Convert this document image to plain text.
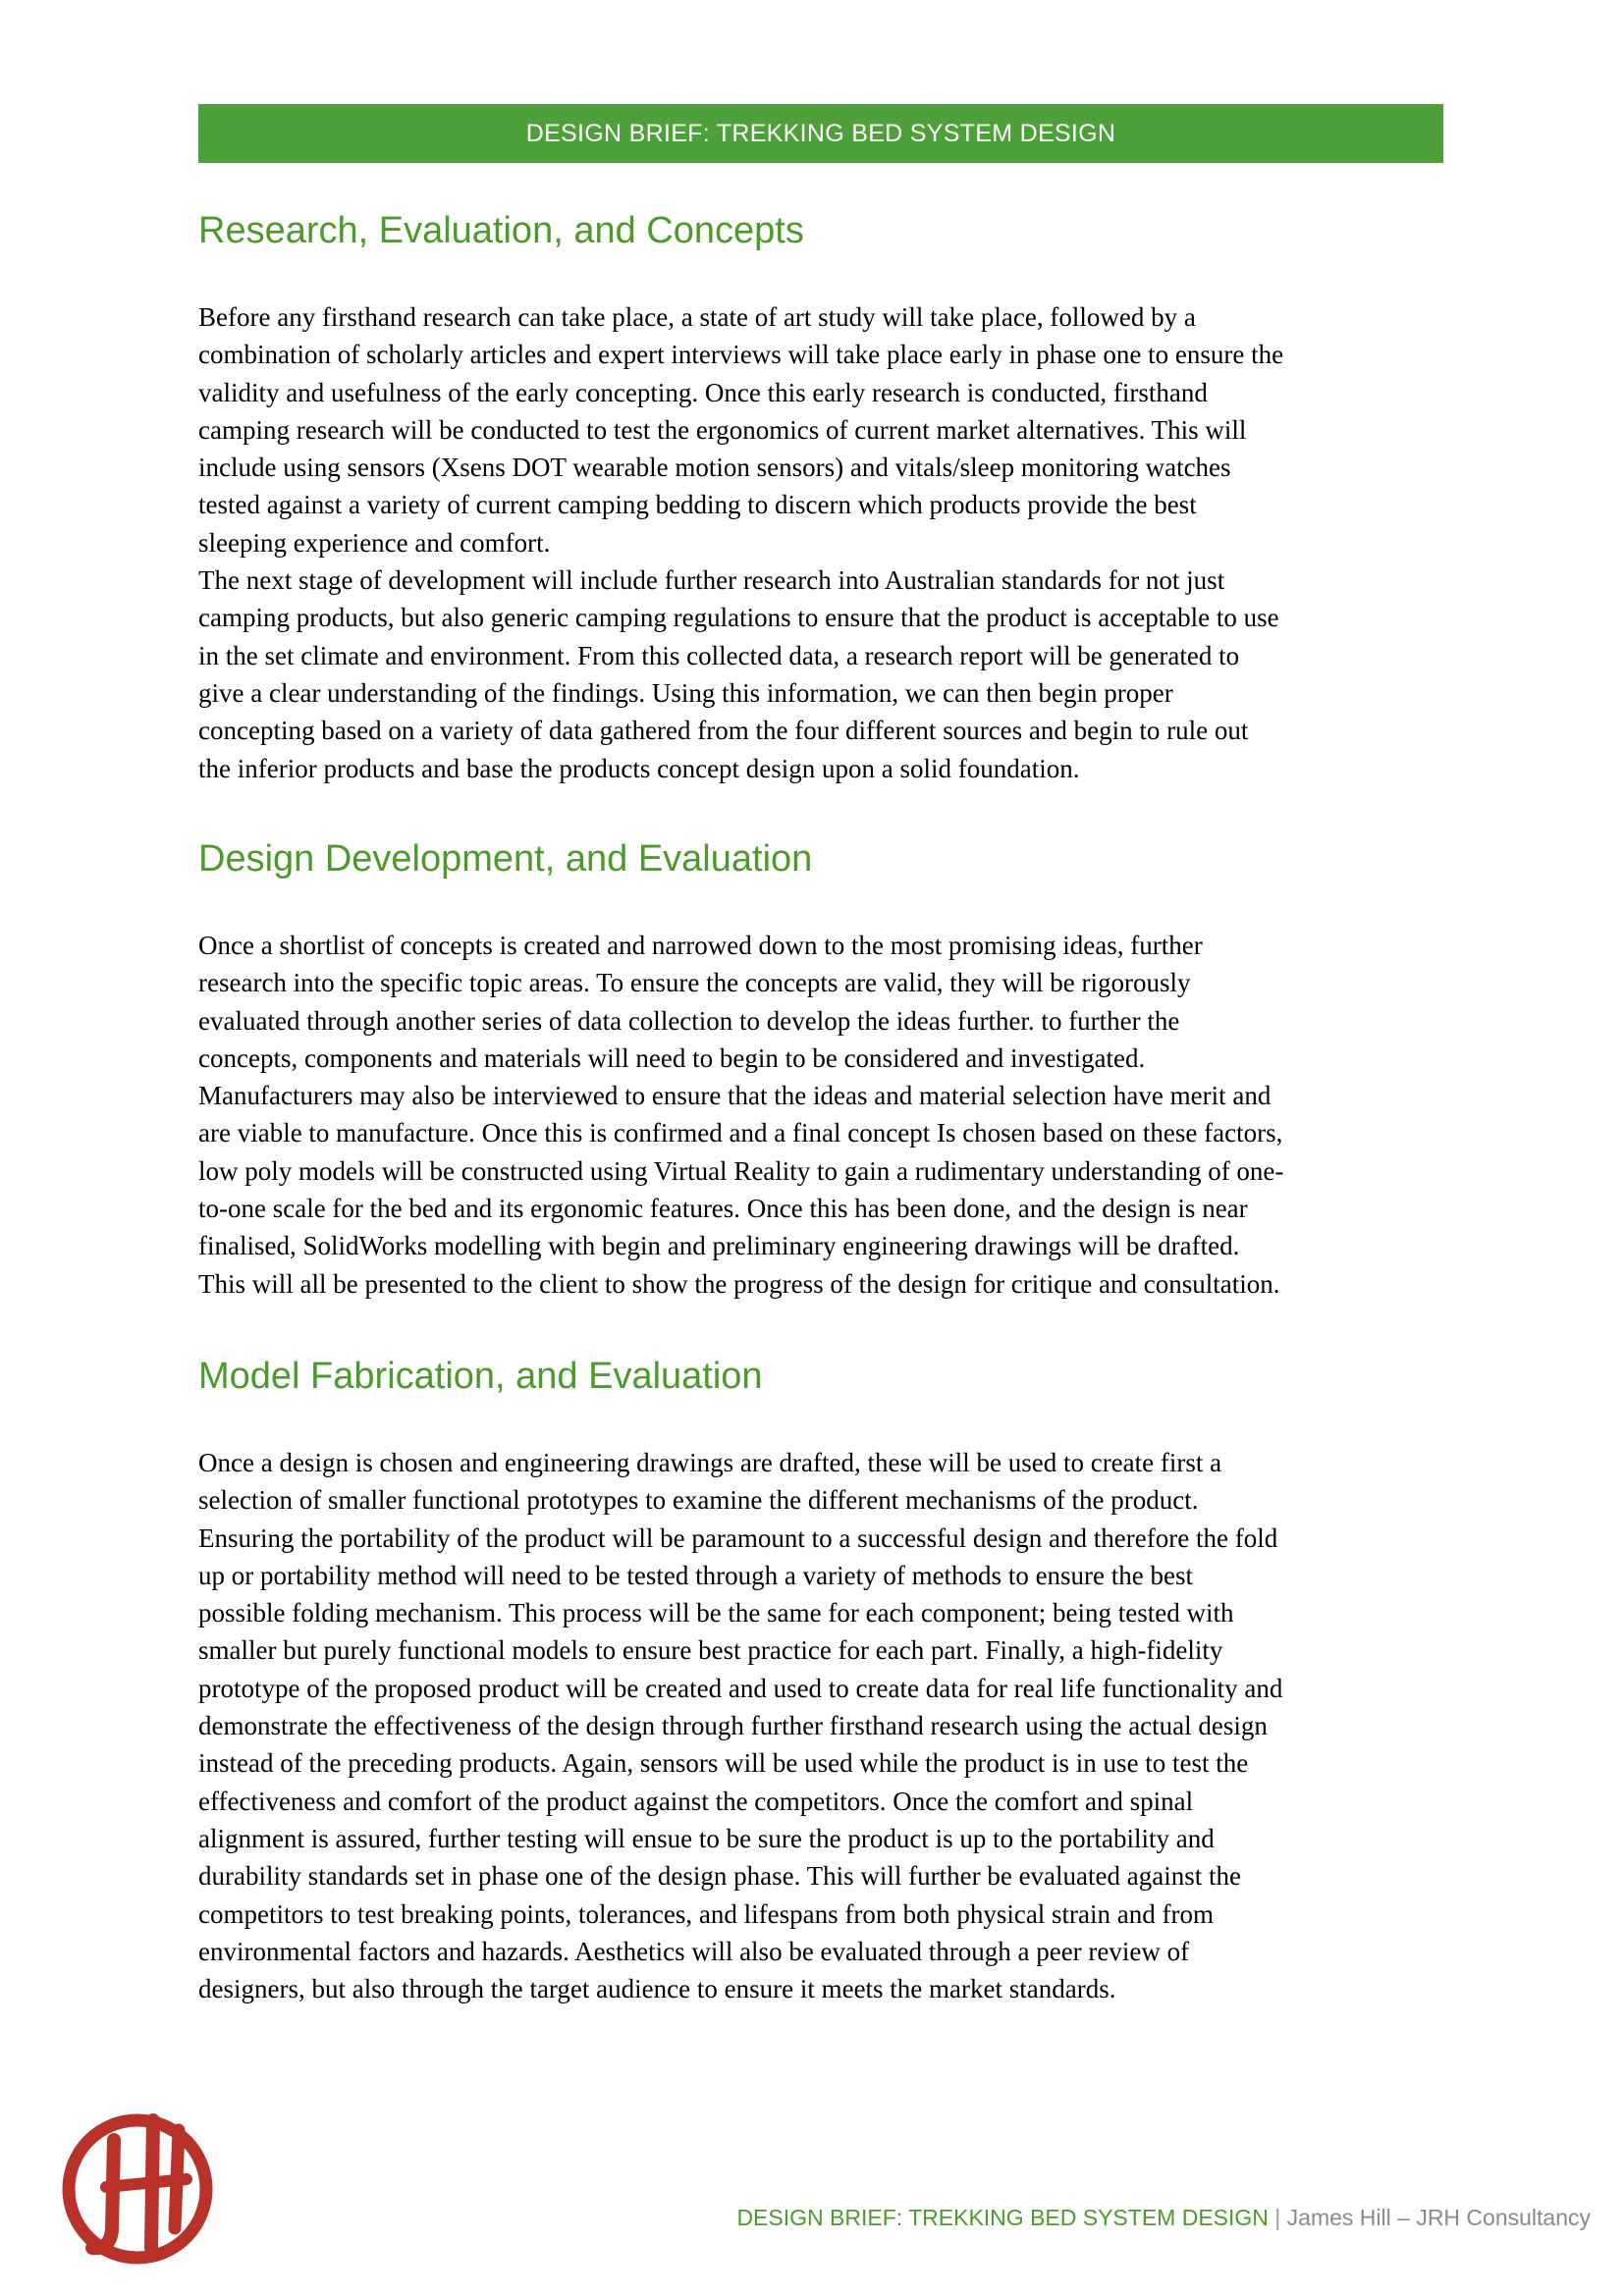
DESIGN BRIEF: TREKKING BED SYSTEM DESIGN
Research, Evaluation, and Concepts

Before any firsthand research can take place, a state of art study will take place, followed by a
combination of scholarly articles and expert interviews will take place early in phase one to ensure the
validity and usefulness of the early concepting. Once this early research is conducted, firsthand
camping research will be conducted to test the ergonomics of current market alternatives. This will
include using sensors (Xsens DOT wearable motion sensors) and vitals/sleep monitoring watches
tested against a variety of current camping bedding to discern which products provide the best
sleeping experience and comfort.
The next stage of development will include further research into Australian standards for not just
camping products, but also generic camping regulations to ensure that the product is acceptable to use
in the set climate and environment. From this collected data, a research report will be generated to
give a clear understanding of the findings. Using this information, we can then begin proper
concepting based on a variety of data gathered from the four different sources and begin to rule out
the inferior products and base the products concept design upon a solid foundation.

Design Development, and Evaluation

Once a shortlist of concepts is created and narrowed down to the most promising ideas, further
research into the specific topic areas. To ensure the concepts are valid, they will be rigorously
evaluated through another series of data collection to develop the ideas further. to further the
concepts, components and materials will need to begin to be considered and investigated.
Manufacturers may also be interviewed to ensure that the ideas and material selection have merit and
are viable to manufacture. Once this is confirmed and a final concept Is chosen based on these factors,
low poly models will be constructed using Virtual Reality to gain a rudimentary understanding of one-
to-one scale for the bed and its ergonomic features. Once this has been done, and the design is near
finalised, SolidWorks modelling with begin and preliminary engineering drawings will be drafted.
This will all be presented to the client to show the progress of the design for critique and consultation.

Model Fabrication, and Evaluation

Once a design is chosen and engineering drawings are drafted, these will be used to create first a
selection of smaller functional prototypes to examine the different mechanisms of the product.
Ensuring the portability of the product will be paramount to a successful design and therefore the fold
up or portability method will need to be tested through a variety of methods to ensure the best
possible folding mechanism. This process will be the same for each component; being tested with
smaller but purely functional models to ensure best practice for each part. Finally, a high-fidelity
prototype of the proposed product will be created and used to create data for real life functionality and
demonstrate the effectiveness of the design through further firsthand research using the actual design
instead of the preceding products. Again, sensors will be used while the product is in use to test the
effectiveness and comfort of the product against the competitors. Once the comfort and spinal
alignment is assured, further testing will ensue to be sure the product is up to the portability and
durability standards set in phase one of the design phase. This will further be evaluated against the
competitors to test breaking points, tolerances, and lifespans from both physical strain and from
environmental factors and hazards. Aesthetics will also be evaluated through a peer review of
designers, but also through the target audience to ensure it meets the market standards.

DESIGN BRIEF: TREKKING BED SYSTEM DESIGN | James Hill – JRH Consultancy
